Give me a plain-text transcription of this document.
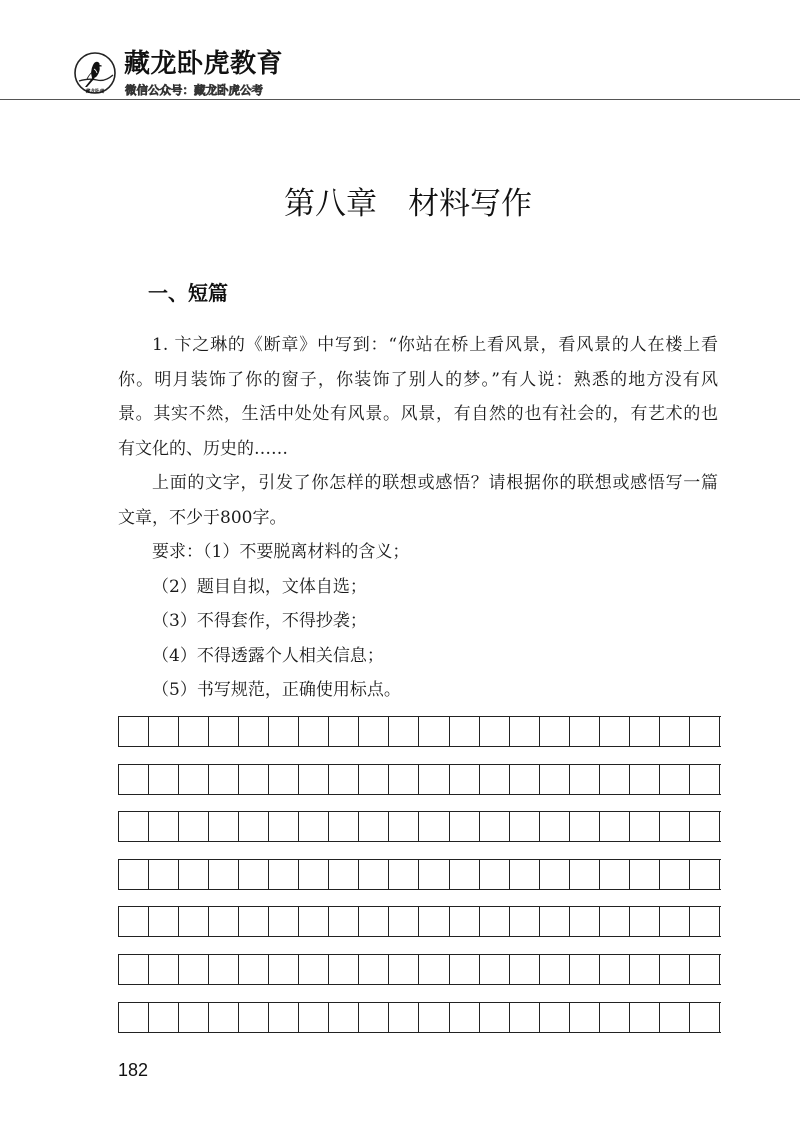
藏龙卧虎
藏龙卧虎教育
微信公众号：藏龙卧虎公考
第八章　材料写作
一、短篇
1. 卞之琳的《断章》中写到：“你站在桥上看风景，看风景的人在楼上看
你。明月装饰了你的窗子，你装饰了别人的梦。”有人说：熟悉的地方没有风
景。其实不然，生活中处处有风景。风景，有自然的也有社会的，有艺术的也
有文化的、历史的……
上面的文字，引发了你怎样的联想或感悟？请根据你的联想或感悟写一篇
文章，不少于800字。
要求：（1）不要脱离材料的含义；
（2）题目自拟，文体自选；
（3）不得套作，不得抄袭；
（4）不得透露个人相关信息；
（5）书写规范，正确使用标点。
182
